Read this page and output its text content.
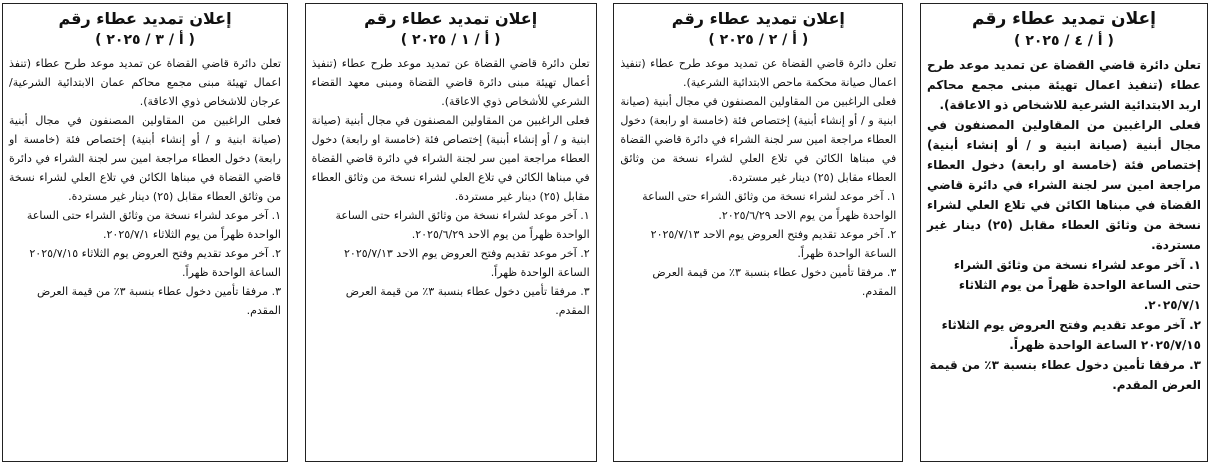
إعلان تمديد عطاء رقم
( أ / ٣ / ٢٠٢٥ )

تعلن دائرة قاضي القضاة عن تمديد موعد طرح عطاء (تنفذ اعمال تهيئة مبنى مجمع محاكم عمان الابتدائية الشرعية/عرجان للاشخاص ذوي الاعاقة).

فعلى الراغبين من المقاولين المصنفون في مجال أبنية (صيانة ابنية و / أو إنشاء أبنية) إختصاص فئة (خامسة او رابعة) دخول العطاء مراجعة امين سر لجنة الشراء في دائرة قاضي القضاة في مبناها الكائن في تلاع العلي لشراء نسخة من وثائق العطاء مقابل (٢٥) دينار غير مستردة.

١. آخر موعد لشراء نسخة من وثائق الشراء حتى الساعة الواحدة ظهراً من يوم الثلاثاء ٢٠٢٥/٧/١.

٢. آخر موعد تقديم وفتح العروض يوم الثلاثاء ٢٠٢٥/٧/١٥ الساعة الواحدة ظهراً.

٣. مرفقا تأمين دخول عطاء بنسبة ٣٪ من قيمة العرض المقدم.

إعلان تمديد عطاء رقم
( أ / ١ / ٢٠٢٥ )

تعلن دائرة قاضي القضاة عن تمديد موعد طرح عطاء (تنفيذ أعمال تهيئة مبنى دائرة قاضي القضاة ومبنى معهد القضاء الشرعي للأشخاص ذوي الاعاقة).

فعلى الراغبين من المقاولين المصنفون في مجال أبنية (صيانة ابنية و / أو إنشاء أبنية) إختصاص فئة (خامسة او رابعة) دخول العطاء مراجعة امين سر لجنة الشراء في دائرة قاضي القضاة في مبناها الكائن في تلاع العلي لشراء نسخة من وثائق العطاء مقابل (٢٥) دينار غير مستردة.

١. آخر موعد لشراء نسخة من وثائق الشراء حتى الساعة الواحدة ظهراً من يوم الاحد ٢٠٢٥/٦/٢٩.

٢. آخر موعد تقديم وفتح العروض يوم الاحد ٢٠٢٥/٧/١٣ الساعة الواحدة ظهراً.

٣. مرفقا تأمين دخول عطاء بنسبة ٣٪ من قيمة العرض المقدم.

إعلان تمديد عطاء رقم
( أ / ٢ / ٢٠٢٥ )

تعلن دائرة قاضي القضاة عن تمديد موعد طرح عطاء (تنفيذ اعمال صيانة محكمة ماحص الابتدائية الشرعية).

فعلى الراغبين من المقاولين المصنفون في مجال أبنية (صيانة ابنية و / أو إنشاء أبنية) إختصاص فئة (خامسة او رابعة) دخول العطاء مراجعة امين سر لجنة الشراء في دائرة قاضي القضاة في مبناها الكائن في تلاع العلي لشراء نسخة من وثائق العطاء مقابل (٢٥) دينار غير مستردة.

١. آخر موعد لشراء نسخة من وثائق الشراء حتى الساعة الواحدة ظهراً من يوم الاحد ٢٠٢٥/٦/٢٩.

٢. آخر موعد تقديم وفتح العروض يوم الاحد ٢٠٢٥/٧/١٣ الساعة الواحدة ظهراً.

٣. مرفقا تأمين دخول عطاء بنسبة ٣٪ من قيمة العرض المقدم.

إعلان تمديد عطاء رقم
( أ / ٤ / ٢٠٢٥ )

تعلن دائرة قاضي القضاة عن تمديد موعد طرح عطاء (تنفيذ اعمال تهيئة مبنى مجمع محاكم اربد الابتدائية الشرعية للاشخاص ذو الاعاقة).

فعلى الراغبين من المقاولين المصنفون في مجال أبنية (صيانة ابنية و / أو إنشاء أبنية) إختصاص فئة (خامسة او رابعة) دخول العطاء مراجعة امين سر لجنة الشراء في دائرة قاضي القضاة في مبناها الكائن في تلاع العلي لشراء نسخة من وثائق العطاء مقابل (٢٥) دينار غير مستردة.

١. آخر موعد لشراء نسخة من وثائق الشراء حتى الساعة الواحدة ظهراً من يوم الثلاثاء ٢٠٢٥/٧/١.

٢. آخر موعد تقديم وفتح العروض يوم الثلاثاء ٢٠٢٥/٧/١٥ الساعة الواحدة ظهراً.

٣. مرفقا تأمين دخول عطاء بنسبة ٣٪ من قيمة العرض المقدم.
